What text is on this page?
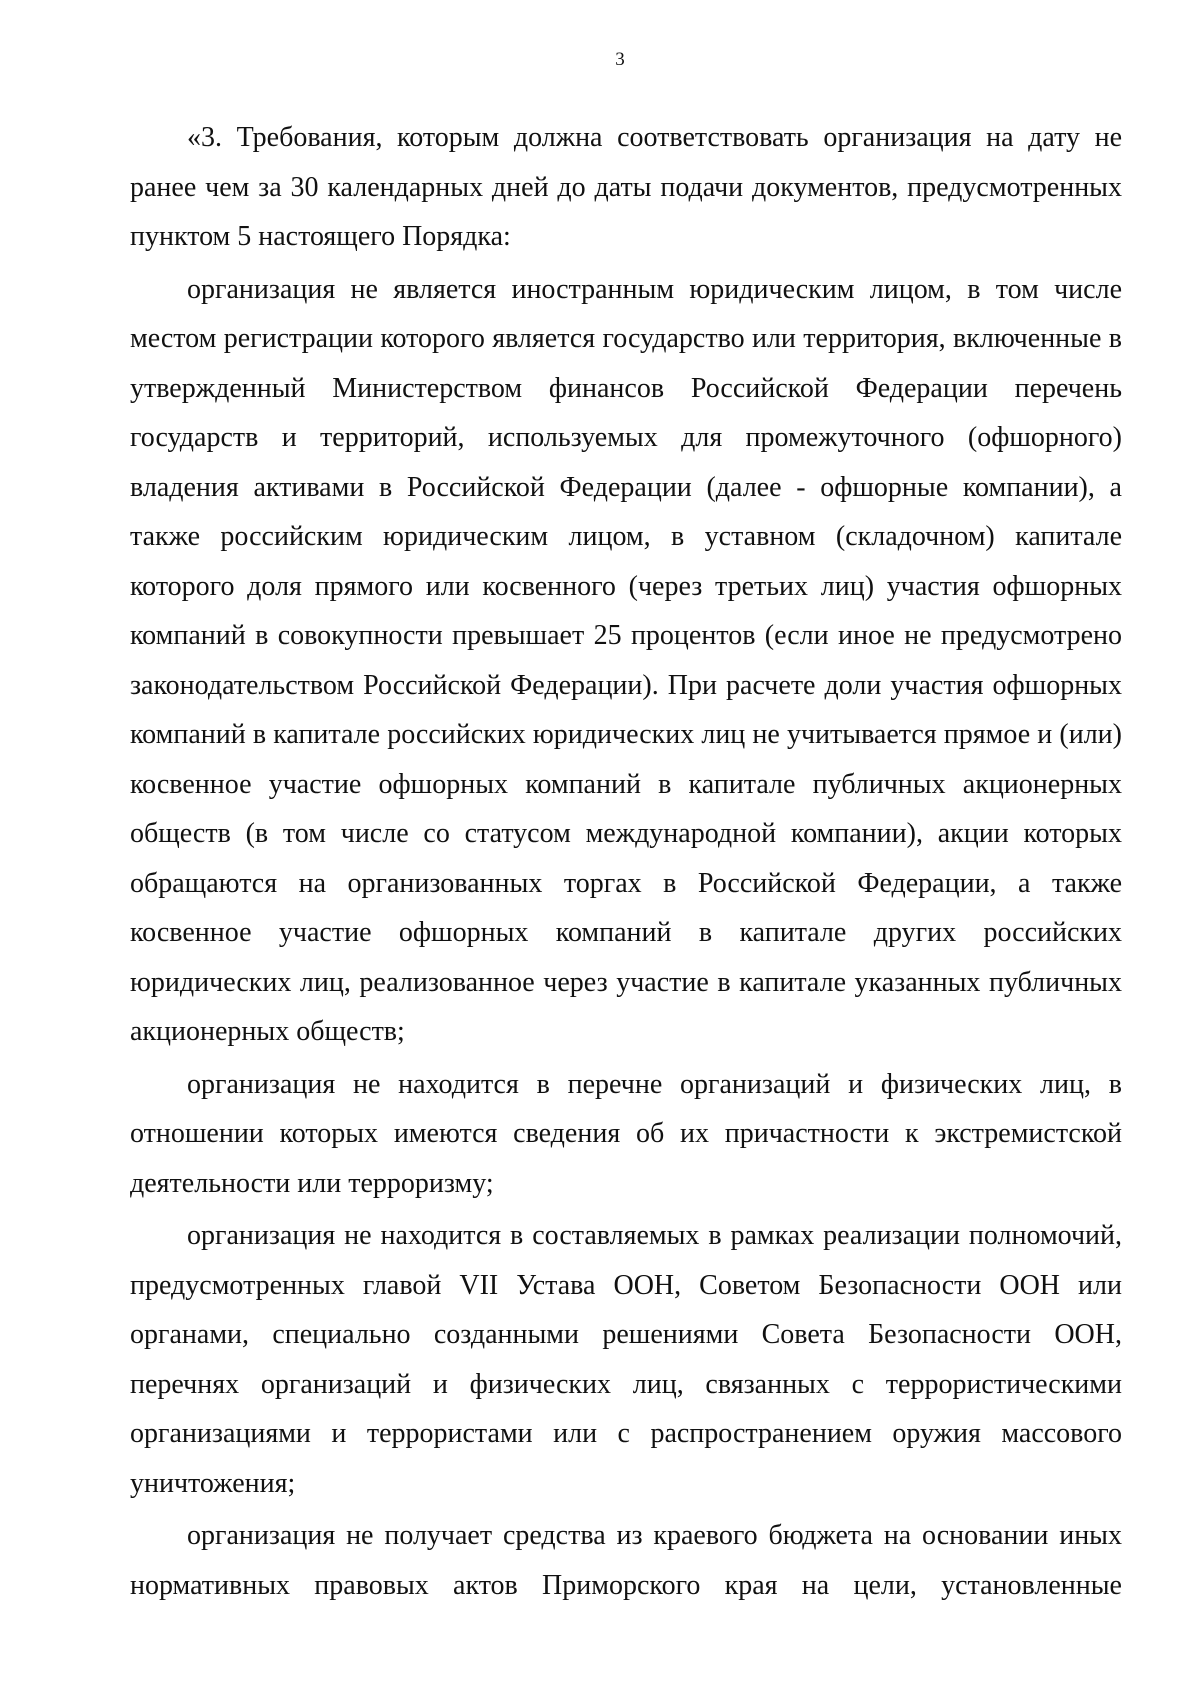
3

«3. Требования, которым должна соответствовать организация на дату не ранее чем за 30 календарных дней до даты подачи документов, предусмотренных пунктом 5 настоящего Порядка:

организация не является иностранным юридическим лицом, в том числе местом регистрации которого является государство или территория, включенные в утвержденный Министерством финансов Российской Федерации перечень государств и территорий, используемых для промежуточного (офшорного) владения активами в Российской Федерации (далее - офшорные компании), а также российским юридическим лицом, в уставном (складочном) капитале которого доля прямого или косвенного (через третьих лиц) участия офшорных компаний в совокупности превышает 25 процентов (если иное не предусмотрено законодательством Российской Федерации). При расчете доли участия офшорных компаний в капитале российских юридических лиц не учитывается прямое и (или) косвенное участие офшорных компаний в капитале публичных акционерных обществ (в том числе со статусом международной компании), акции которых обращаются на организованных торгах в Российской Федерации, а также косвенное участие офшорных компаний в капитале других российских юридических лиц, реализованное через участие в капитале указанных публичных акционерных обществ;

организация не находится в перечне организаций и физических лиц, в отношении которых имеются сведения об их причастности к экстремистской деятельности или терроризму;

организация не находится в составляемых в рамках реализации полномочий, предусмотренных главой VII Устава ООН, Советом Безопасности ООН или органами, специально созданными решениями Совета Безопасности ООН, перечнях организаций и физических лиц, связанных с террористическими организациями и террористами или с распространением оружия массового уничтожения;

организация не получает средства из краевого бюджета на основании иных нормативных правовых актов Приморского края на цели, установленные
